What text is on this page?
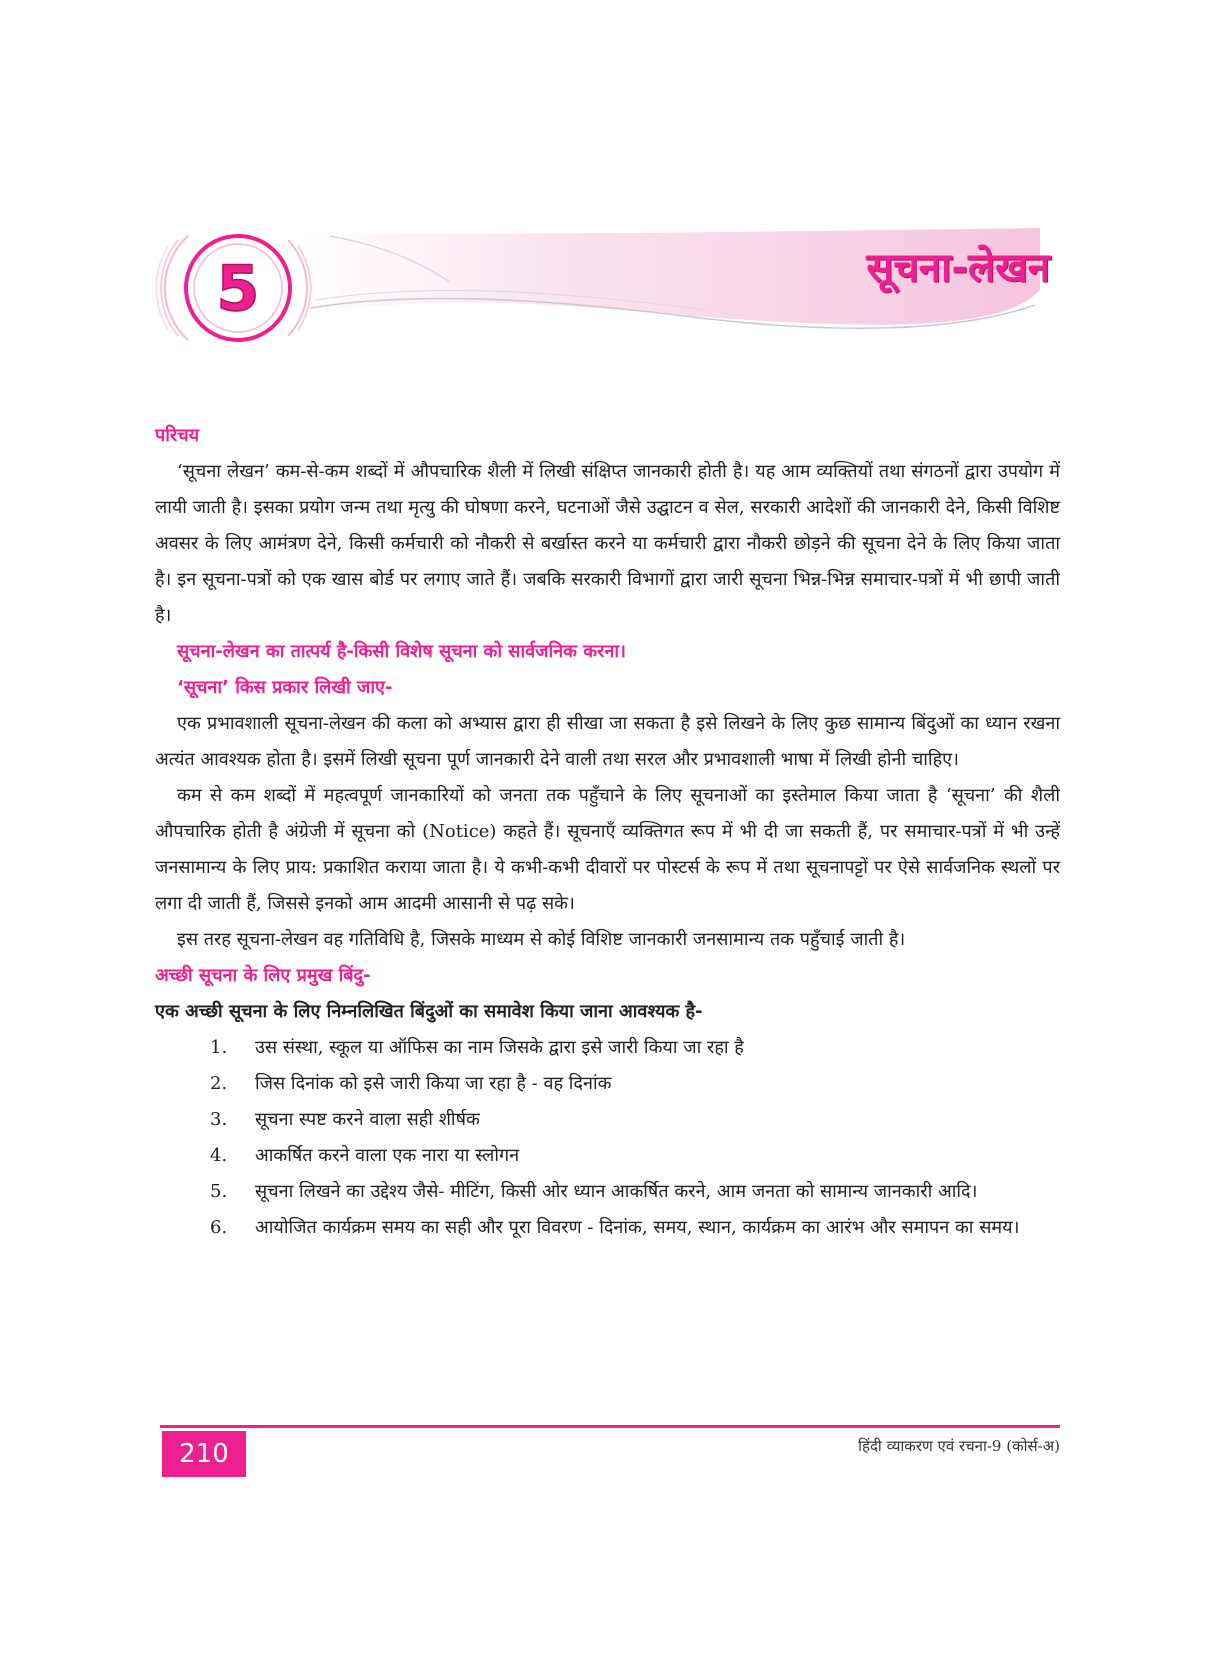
5	सूचना-लेखन
परिचय

‘सूचना लेखन’ कम-से-कम शब्दों में औपचारिक शैली में लिखी संक्षिप्त जानकारी होती है। यह आम व्यक्तियों तथा संगठनों द्वारा उपयोग में लायी जाती है। इसका प्रयोग जन्म तथा मृत्यु की घोषणा करने, घटनाओं जैसे उद्घाटन व सेल, सरकारी आदेशों की जानकारी देने, किसी विशिष्ट अवसर के लिए आमंत्रण देने, किसी कर्मचारी को नौकरी से बर्खास्त करने या कर्मचारी द्वारा नौकरी छोड़ने की सूचना देने के लिए किया जाता है। इन सूचना-पत्रों को एक खास बोर्ड पर लगाए जाते हैं। जबकि सरकारी विभागों द्वारा जारी सूचना भिन्न-भिन्न समाचार-पत्रों में भी छापी जाती है।

सूचना-लेखन का तात्पर्य है-किसी विशेष सूचना को सार्वजनिक करना।

‘सूचना’ किस प्रकार लिखी जाए-

एक प्रभावशाली सूचना-लेखन की कला को अभ्यास द्वारा ही सीखा जा सकता है इसे लिखने के लिए कुछ सामान्य बिंदुओं का ध्यान रखना अत्यंत आवश्यक होता है। इसमें लिखी सूचना पूर्ण जानकारी देने वाली तथा सरल और प्रभावशाली भाषा में लिखी होनी चाहिए।

कम से कम शब्दों में महत्वपूर्ण जानकारियों को जनता तक पहुँचाने के लिए सूचनाओं का इस्तेमाल किया जाता है ‘सूचना’ की शैली औपचारिक होती है अंग्रेजी में सूचना को (Notice) कहते हैं। सूचनाएँ व्यक्तिगत रूप में भी दी जा सकती हैं, पर समाचार-पत्रों में भी उन्हें जनसामान्य के लिए प्राय: प्रकाशित कराया जाता है। ये कभी-कभी दीवारों पर पोस्टर्स के रूप में तथा सूचनापट्टों पर ऐसे सार्वजनिक स्थलों पर लगा दी जाती हैं, जिससे इनको आम आदमी आसानी से पढ़ सके।

इस तरह सूचना-लेखन वह गतिविधि है, जिसके माध्यम से कोई विशिष्ट जानकारी जनसामान्य तक पहुँचाई जाती है।

अच्छी सूचना के लिए प्रमुख बिंदु-

एक अच्छी सूचना के लिए निम्नलिखित बिंदुओं का समावेश किया जाना आवश्यक है-

1.	उस संस्था, स्कूल या ऑफिस का नाम जिसके द्वारा इसे जारी किया जा रहा है
2.	जिस दिनांक को इसे जारी किया जा रहा है - वह दिनांक
3.	सूचना स्पष्ट करने वाला सही शीर्षक
4.	आकर्षित करने वाला एक नारा या स्लोगन
5.	सूचना लिखने का उद्देश्य जैसे- मीटिंग, किसी ओर ध्यान आकर्षित करने, आम जनता को सामान्य जानकारी आदि।
6.	आयोजित कार्यक्रम समय का सही और पूरा विवरण - दिनांक, समय, स्थान, कार्यक्रम का आरंभ और समापन का समय।
210	हिंदी व्याकरण एवं रचना-9 (कोर्स-अ)
